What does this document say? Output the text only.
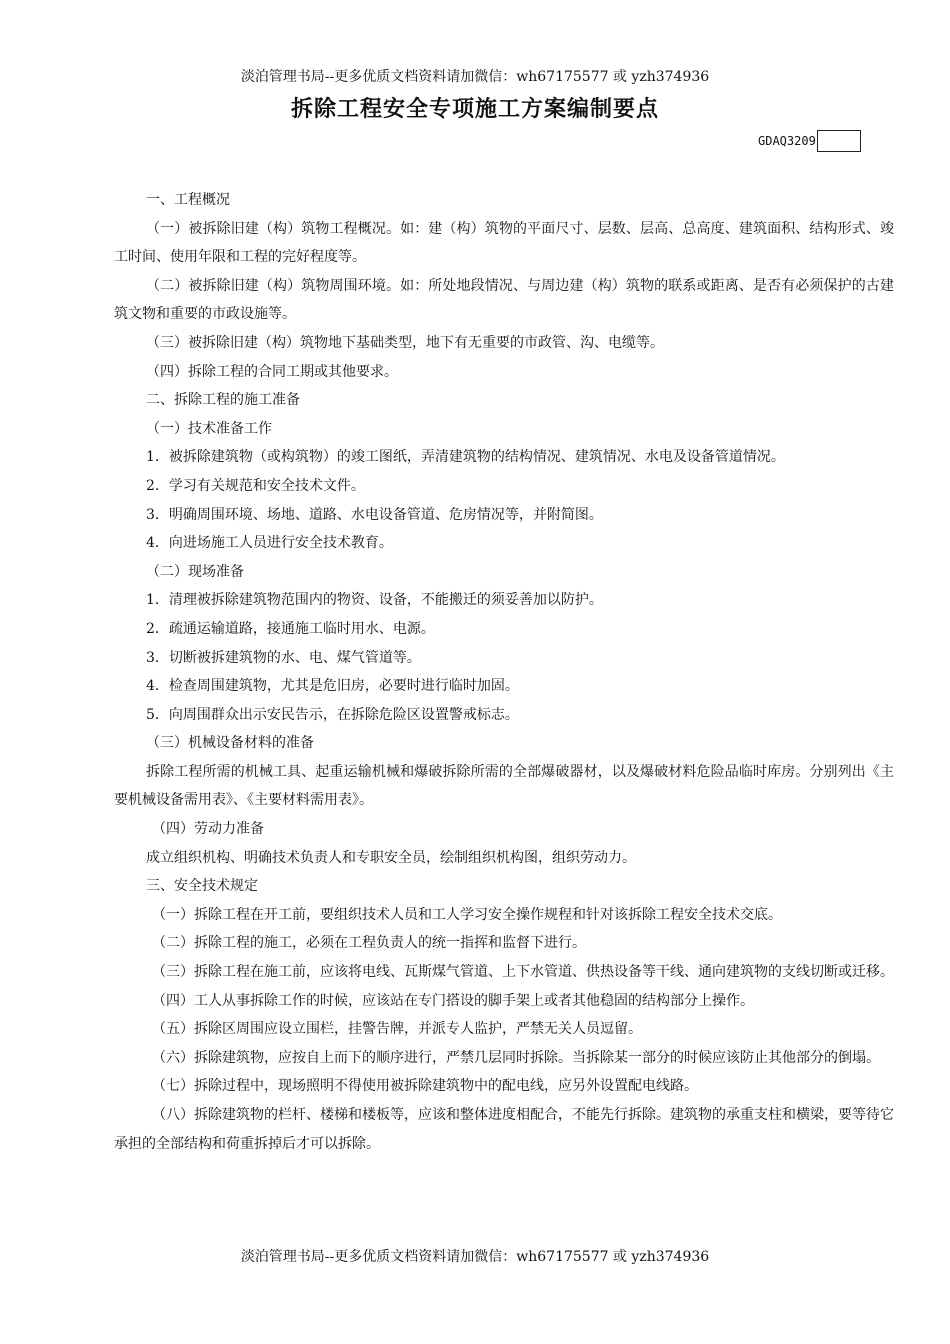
淡泊管理书局--更多优质文档资料请加微信：wh67175577 或 yzh374936
拆除工程安全专项施工方案编制要点
GDAQ3209

一、工程概况

（一）被拆除旧建（构）筑物工程概况。如：建（构）筑物的平面尺寸、层数、层高、总高度、建筑面积、结构形式、竣工时间、使用年限和工程的完好程度等。

（二）被拆除旧建（构）筑物周围环境。如：所处地段情况、与周边建（构）筑物的联系或距离、是否有必须保护的古建筑文物和重要的市政设施等。

（三）被拆除旧建（构）筑物地下基础类型，地下有无重要的市政管、沟、电缆等。

（四）拆除工程的合同工期或其他要求。

二、拆除工程的施工准备

（一）技术准备工作

1．被拆除建筑物（或构筑物）的竣工图纸，弄清建筑物的结构情况、建筑情况、水电及设备管道情况。

2．学习有关规范和安全技术文件。

3．明确周围环境、场地、道路、水电设备管道、危房情况等，并附简图。

4．向进场施工人员进行安全技术教育。

（二）现场准备

1．清理被拆除建筑物范围内的物资、设备，不能搬迁的须妥善加以防护。

2．疏通运输道路，接通施工临时用水、电源。

3．切断被拆建筑物的水、电、煤气管道等。

4．检查周围建筑物，尤其是危旧房，必要时进行临时加固。

5．向周围群众出示安民告示，在拆除危险区设置警戒标志。

（三）机械设备材料的准备

拆除工程所需的机械工具、起重运输机械和爆破拆除所需的全部爆破器材，以及爆破材料危险品临时库房。分别列出《主要机械设备需用表》、《主要材料需用表》。

（四）劳动力准备

成立组织机构、明确技术负责人和专职安全员，绘制组织机构图，组织劳动力。

三、安全技术规定

（一）拆除工程在开工前，要组织技术人员和工人学习安全操作规程和针对该拆除工程安全技术交底。

（二）拆除工程的施工，必须在工程负责人的统一指挥和监督下进行。

（三）拆除工程在施工前，应该将电线、瓦斯煤气管道、上下水管道、供热设备等干线、通向建筑物的支线切断或迁移。

（四）工人从事拆除工作的时候，应该站在专门搭设的脚手架上或者其他稳固的结构部分上操作。

（五）拆除区周围应设立围栏，挂警告牌，并派专人监护，严禁无关人员逗留。

（六）拆除建筑物，应按自上而下的顺序进行，严禁几层同时拆除。当拆除某一部分的时候应该防止其他部分的倒塌。

（七）拆除过程中，现场照明不得使用被拆除建筑物中的配电线，应另外设置配电线路。

（八）拆除建筑物的栏杆、楼梯和楼板等，应该和整体进度相配合，不能先行拆除。建筑物的承重支柱和横梁，要等待它承担的全部结构和荷重拆掉后才可以拆除。

淡泊管理书局--更多优质文档资料请加微信：wh67175577 或 yzh374936
